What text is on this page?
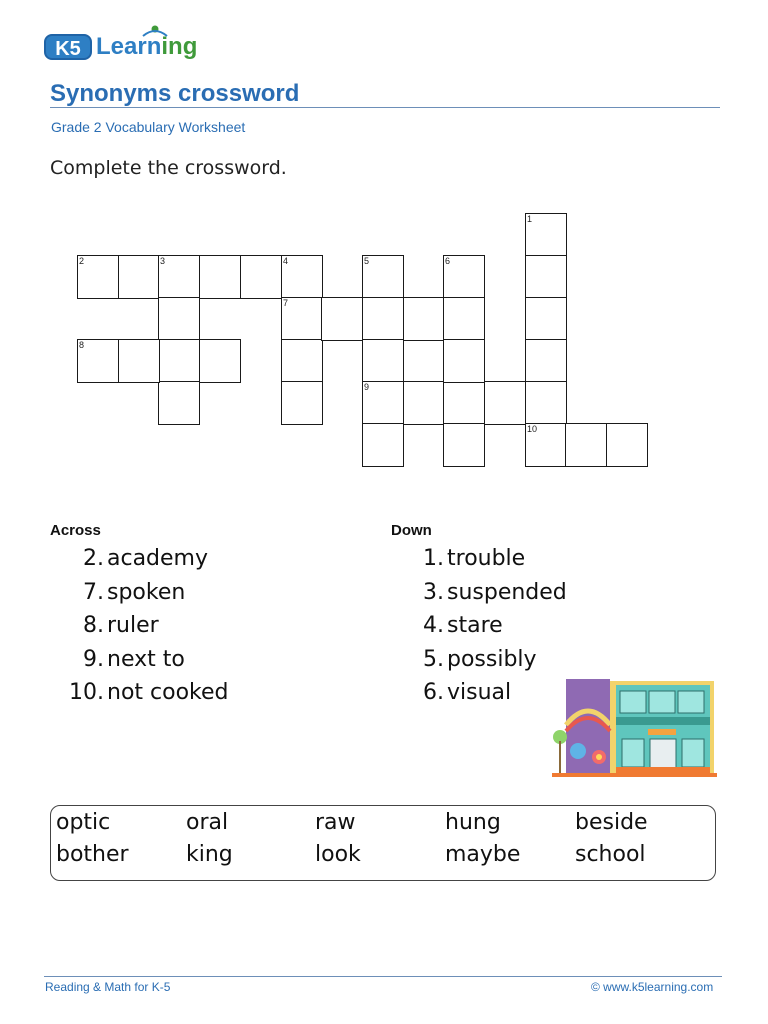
K5 Learning
Synonyms crossword
Grade 2 Vocabulary Worksheet
Complete the crossword.
2	3	4
8
7
5
9
6
1
10
Across	Down
2. academy
7. spoken
8. ruler
9. next to
10. not cooked
1. trouble
3. suspended
4. stare
5. possibly
6. visual
optic	oral	raw	hung	beside
bother	king	look	maybe school
Reading & Math for K-5	© www.k5learning.com
